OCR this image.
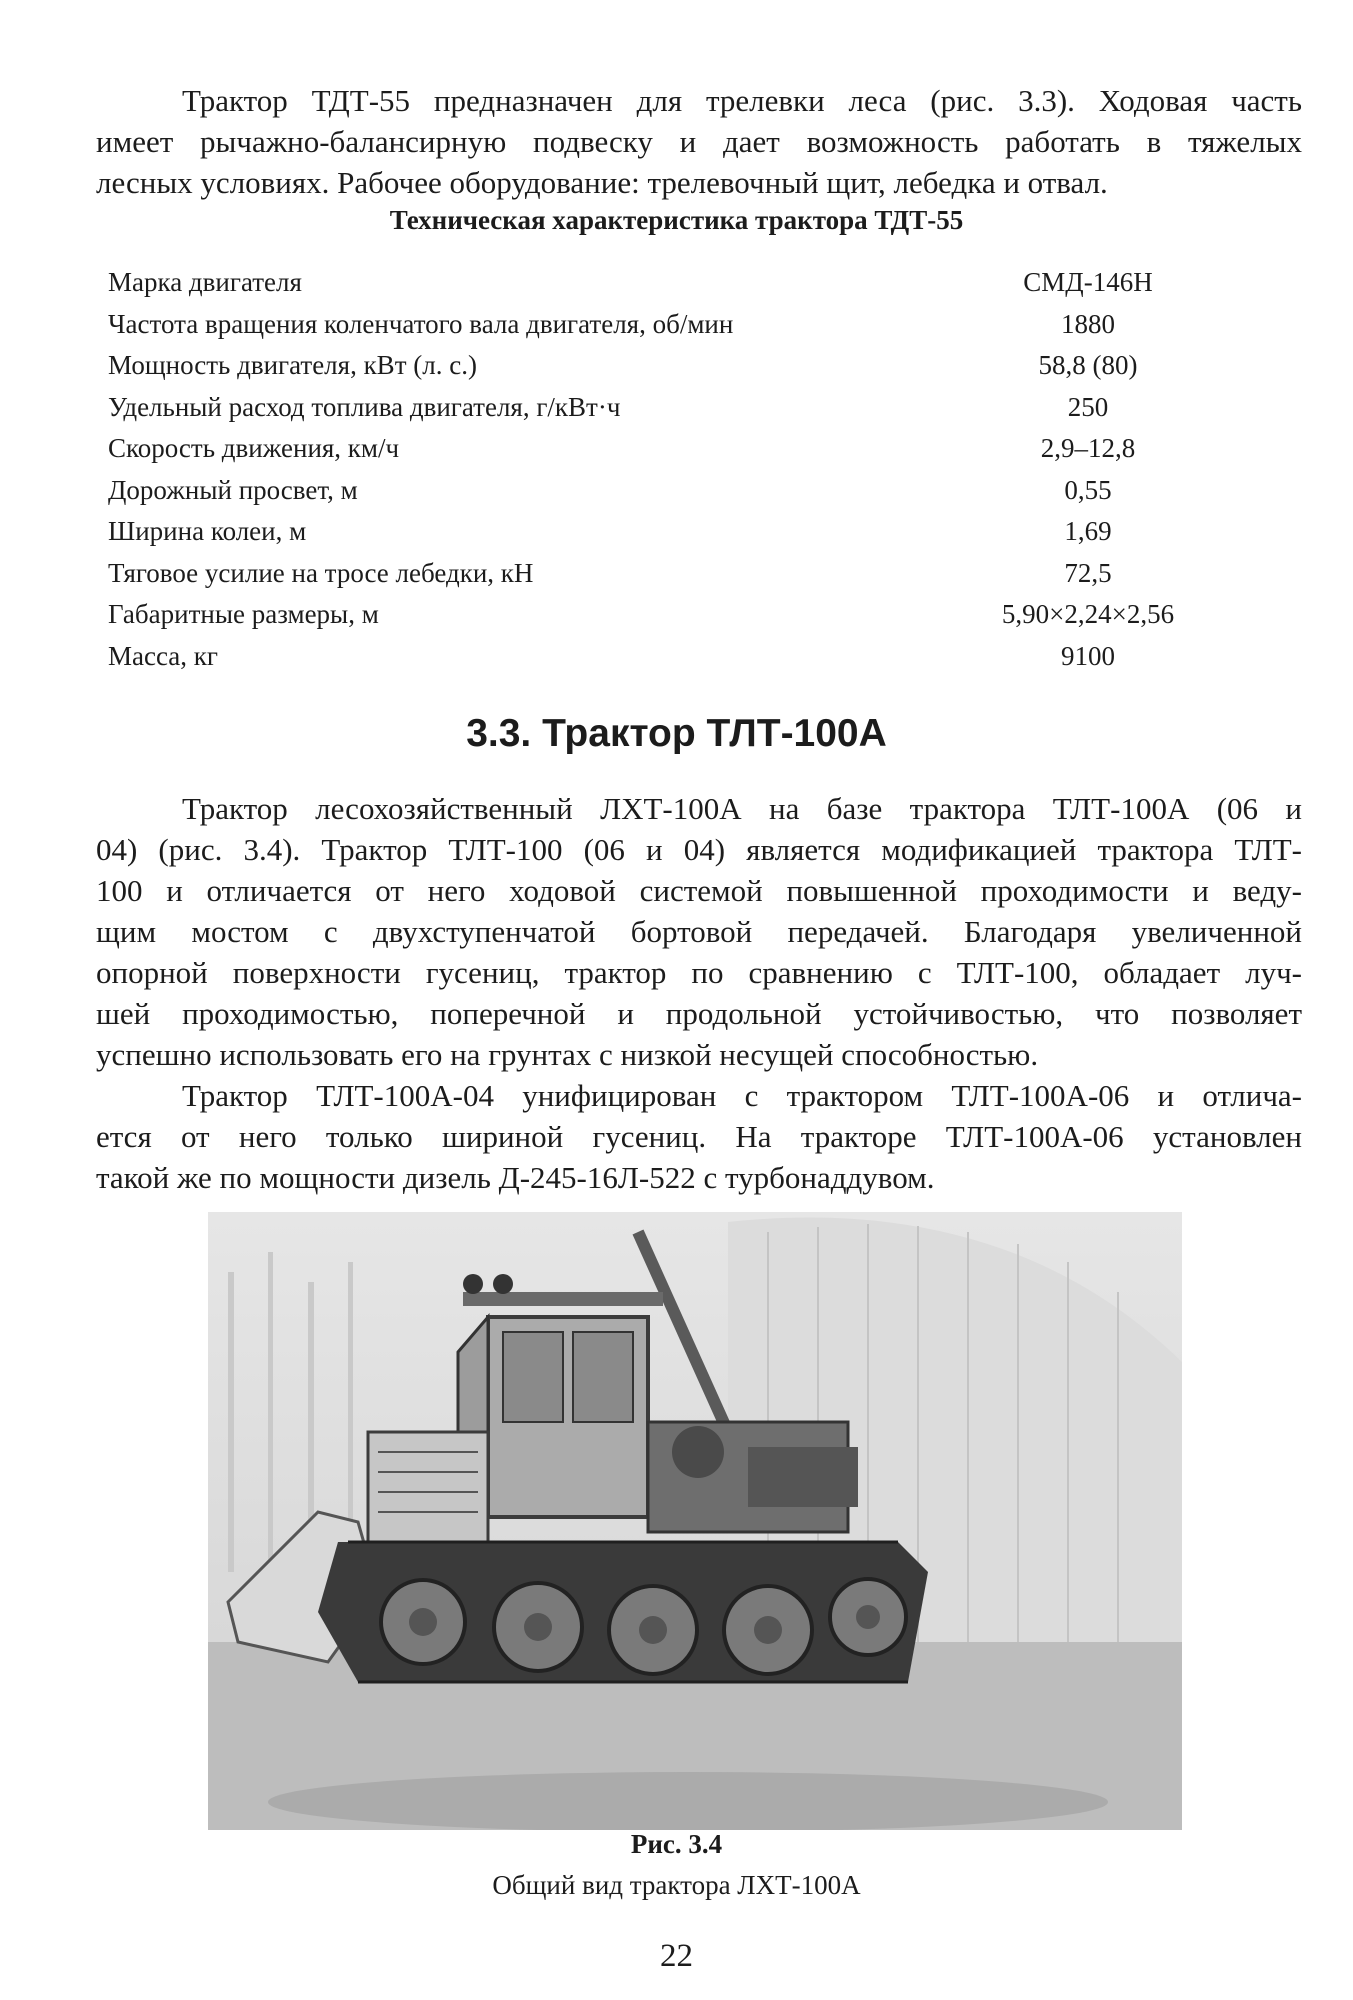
Трактор ТДТ-55 предназначен для трелевки леса (рис. 3.3). Ходовая часть
имеет рычажно-балансирную подвеску и дает возможность работать в тяжелых
лесных условиях. Рабочее оборудование: трелевочный щит, лебедка и отвал.

Техническая характеристика трактора ТДТ-55
Марка двигателя	СМД-146Н
Частота вращения коленчатого вала двигателя, об/мин	1880
Мощность двигателя, кВт (л. с.)	58,8 (80)
Удельный расход топлива двигателя, г/кВт·ч	250
Скорость движения, км/ч	2,9–12,8
Дорожный просвет, м	0,55
Ширина колеи, м	1,69
Тяговое усилие на тросе лебедки, кН	72,5
Габаритные размеры, м	5,90×2,24×2,56
Масса, кг	9100
3.3. Трактор ТЛТ-100А

Трактор лесохозяйственный ЛХТ-100А на базе трактора ТЛТ-100А (06 и
04) (рис. 3.4). Трактор ТЛТ-100 (06 и 04) является модификацией трактора ТЛТ-
100 и отличается от него ходовой системой повышенной проходимости и веду-
щим мостом с двухступенчатой бортовой передачей. Благодаря увеличенной
опорной поверхности гусениц, трактор по сравнению с ТЛТ-100, обладает луч-
шей проходимостью, поперечной и продольной устойчивостью, что позволяет
успешно использовать его на грунтах с низкой несущей способностью.

Трактор ТЛТ-100А-04 унифицирован с трактором ТЛТ-100А-06 и отлича-
ется от него только шириной гусениц. На тракторе ТЛТ-100А-06 установлен
такой же по мощности дизель Д-245-16Л-522 с турбонаддувом.

Рис. 3.4
Общий вид трактора ЛХТ-100А
22
